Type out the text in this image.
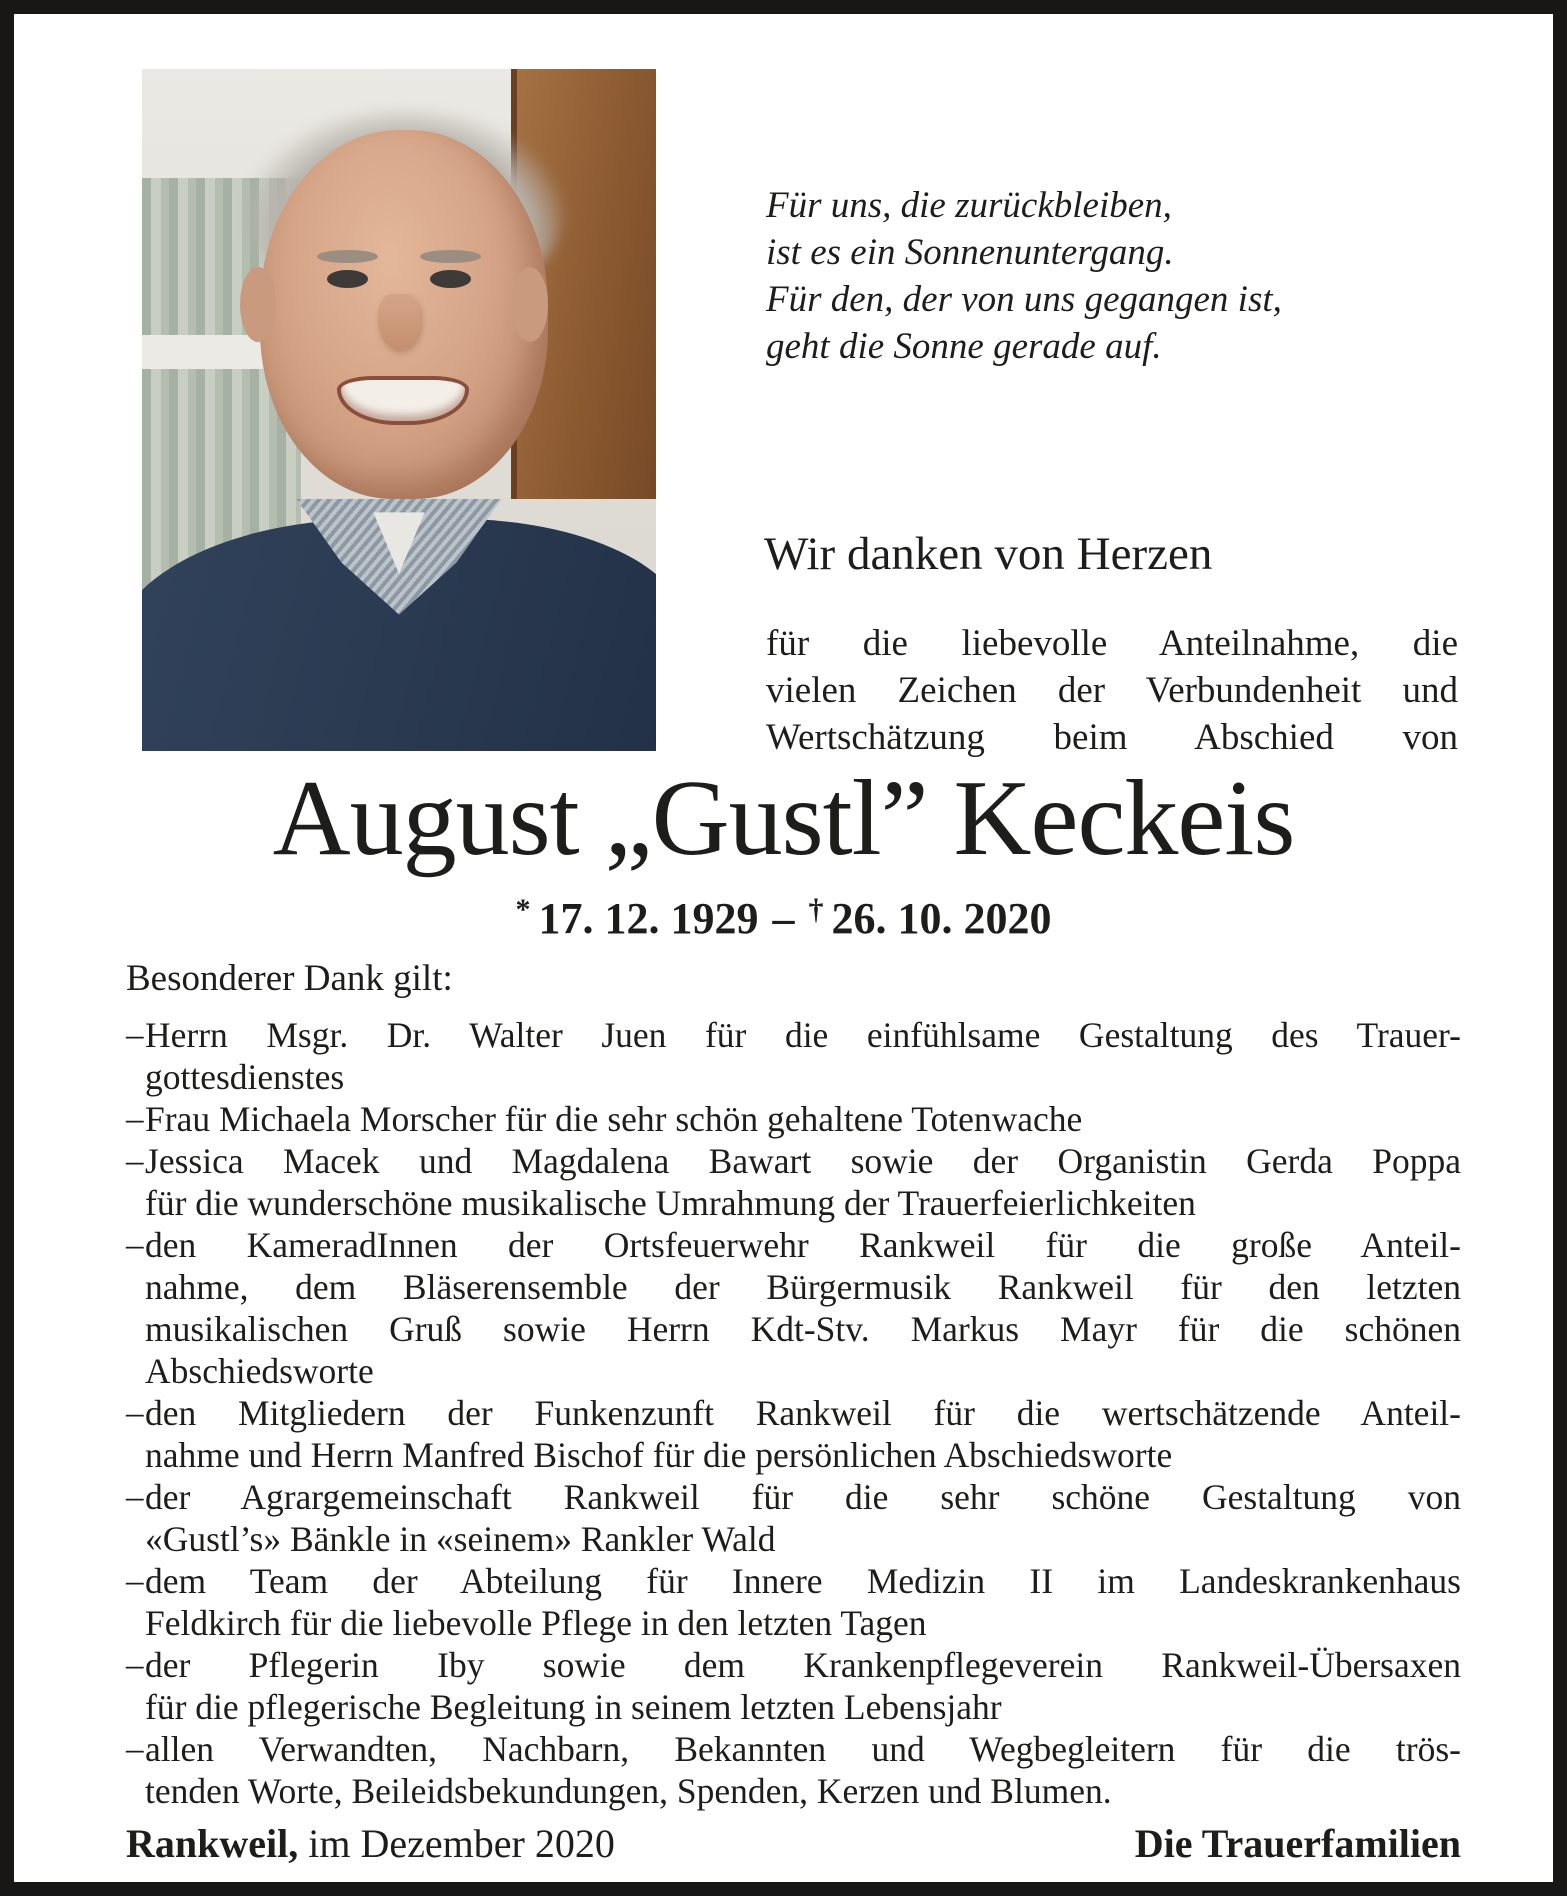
Für uns, die zurückbleiben,
ist es ein Sonnenuntergang.
Für den, der von uns gegangen ist,
geht die Sonne gerade auf.
Wir danken von Herzen
für die liebevolle Anteilnahme, die
vielen Zeichen der Verbundenheit und
Wertschätzung beim Abschied von
August „Gustl” Keckeis
* 17. 12. 1929 – † 26. 10. 2020
Besonderer Dank gilt:
– Herrn Msgr. Dr. Walter Juen für die einfühlsame Gestaltung des Trauer-
gottesdienstes
– Frau Michaela Morscher für die sehr schön gehaltene Totenwache
– Jessica Macek und Magdalena Bawart sowie der Organistin Gerda Poppa
für die wunderschöne musikalische Umrahmung der Trauerfeierlichkeiten
– den KameradInnen der Ortsfeuerwehr Rankweil für die große Anteil-
nahme, dem Bläserensemble der Bürgermusik Rankweil für den letzten
musikalischen Gruß sowie Herrn Kdt-Stv. Markus Mayr für die schönen
Abschiedsworte
– den Mitgliedern der Funkenzunft Rankweil für die wertschätzende Anteil-
nahme und Herrn Manfred Bischof für die persönlichen Abschiedsworte
– der Agrargemeinschaft Rankweil für die sehr schöne Gestaltung von
«Gustl’s» Bänkle in «seinem» Rankler Wald
– dem Team der Abteilung für Innere Medizin II im Landeskrankenhaus
Feldkirch für die liebevolle Pflege in den letzten Tagen
– der Pflegerin Iby sowie dem Krankenpflegeverein Rankweil-Übersaxen
für die pflegerische Begleitung in seinem letzten Lebensjahr
– allen Verwandten, Nachbarn, Bekannten und Wegbegleitern für die trös-
tenden Worte, Beileidsbekundungen, Spenden, Kerzen und Blumen.
Rankweil, im Dezember 2020	Die Trauerfamilien
